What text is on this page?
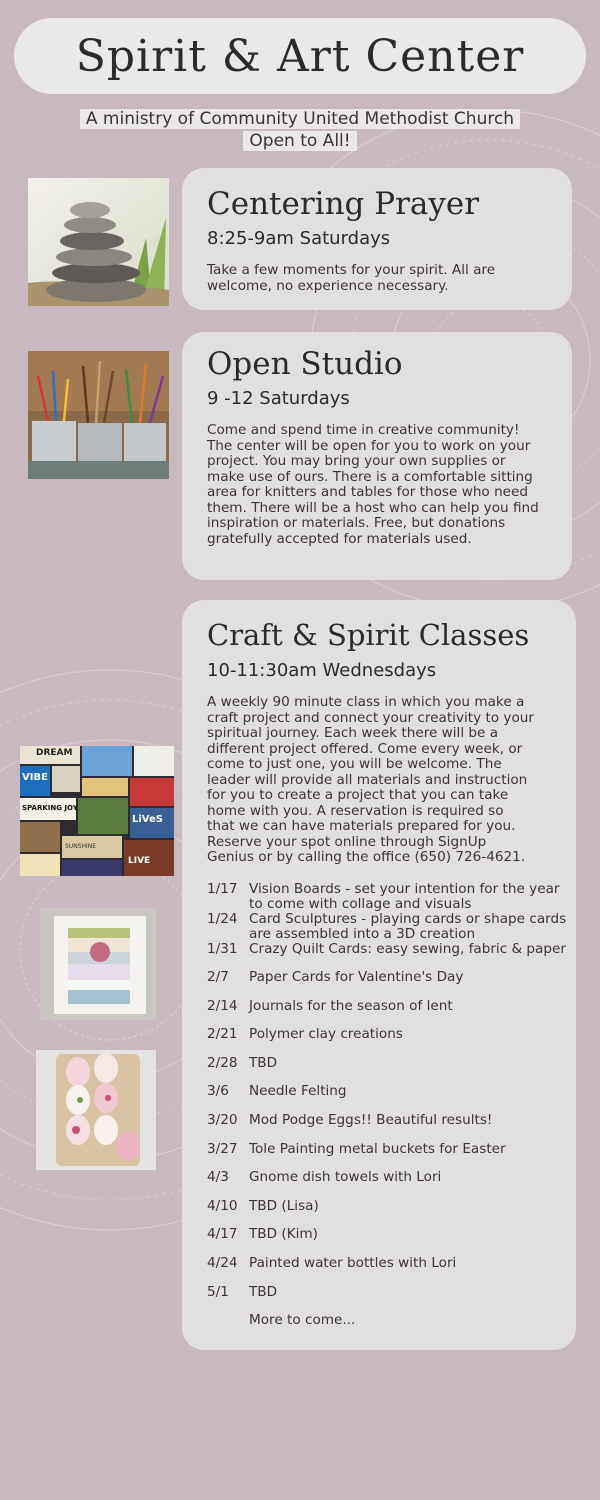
Spirit & Art Center
A ministry of Community United Methodist Church
Open to All!
Centering Prayer
8:25-9am Saturdays

Take a few moments for your spirit. All are welcome, no experience necessary.

Open Studio
9 -12 Saturdays

Come and spend time in creative community! The center will be open for you to work on your project. You may bring your own supplies or make use of ours. There is a comfortable sitting area for knitters and tables for those who need them. There will be a host who can help you find inspiration or materials. Free, but donations gratefully accepted for materials used.

Craft & Spirit Classes
10-11:30am Wednesdays

A weekly 90 minute class in which you make a craft project and connect your creativity to your spiritual journey. Each week there will be a different project offered. Come every week, or come to just one, you will be welcome. The leader will provide all materials and instruction for you to create a project that you can take home with you. A reservation is required so that we can have materials prepared for you. Reserve your spot online through SignUp Genius or by calling the office (650) 726-4621.

1/17 Vision Boards - set your intention for the year to come with collage and visuals
1/24 Card Sculptures - playing cards or shape cards are assembled into a 3D creation
1/31 Crazy Quilt Cards: easy sewing, fabric & paper
2/7	Paper Cards for Valentine's Day
2/14 Journals for the season of lent
2/21 Polymer clay creations
2/28 TBD
3/6	Needle Felting
3/20 Mod Podge Eggs!! Beautiful results!
3/27 Tole Painting metal buckets for Easter
4/3	Gnome dish towels with Lori
4/10 TBD (Lisa)
4/17 TBD (Kim)
4/24 Painted water bottles with Lori
5/1	TBD
More to come...
DREAM
VIBE
SPARKING JOY
LiVeS
SUNSHINE
LIVE
